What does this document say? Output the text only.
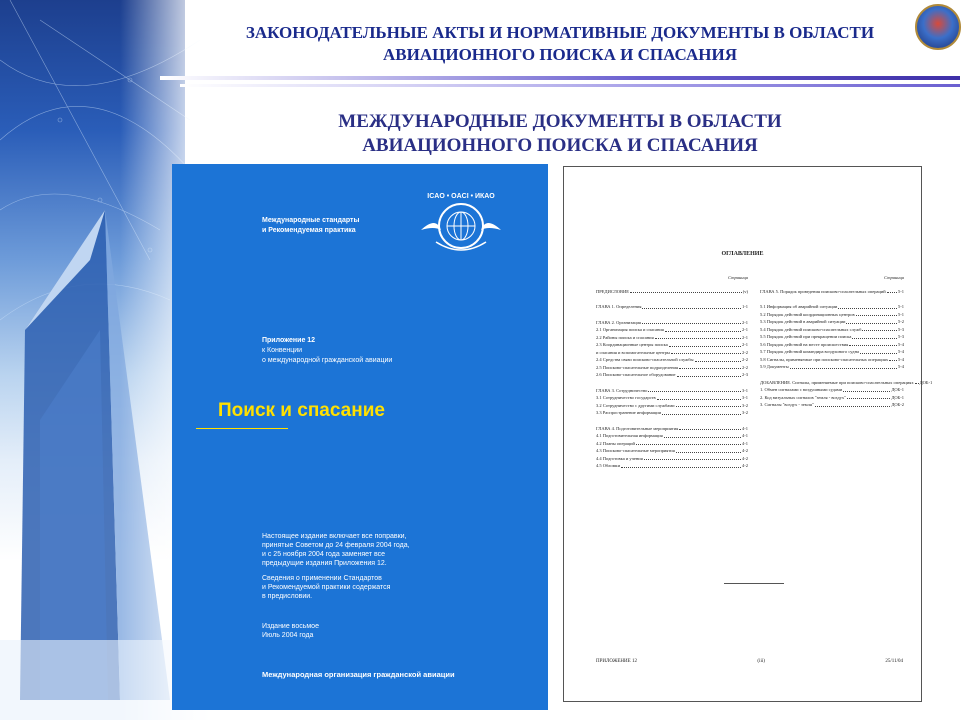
ЗАКОНОДАТЕЛЬНЫЕ АКТЫ И НОРМАТИВНЫЕ ДОКУМЕНТЫ В ОБЛАСТИ
АВИАЦИОННОГО ПОИСКА И СПАСАНИЯ
МЕЖДУНАРОДНЫЕ ДОКУМЕНТЫ В ОБЛАСТИ
АВИАЦИОННОГО ПОИСКА И СПАСАНИЯ
Международные стандарты
и Рекомендуемая практика
ICAO • OACI • ИКАО
Приложение 12
к Конвенции
о международной гражданской авиации
Поиск и спасание
Настоящее издание включает все поправки,
принятые Советом до 24 февраля 2004 года,
и с 25 ноября 2004 года заменяет все
предыдущие издания Приложения 12.
Сведения о применении Стандартов
и Рекомендуемой практики содержатся
в предисловии.
Издание восьмое
Июль 2004 года
Международная организация гражданской авиации
ОГЛАВЛЕНИЕ
Страница
ПРЕДИСЛОВИЕ	(v)
ГЛАВА 1. Определения	1-1
ГЛАВА 2. Организация	2-1
2.1 Организация поиска и спасания	2-1
2.2 Районы поиска и спасания	2-1
2.3 Координационные центры поиска	2-1
и спасания и вспомогательные центры	2-2
2.4 Средства связи поисково-спасательной службы	2-2
2.5 Поисково-спасательные подразделения	2-2
2.6 Поисково-спасательное оборудование	2-3
ГЛАВА 3. Сотрудничество	3-1
3.1 Сотрудничество государств	3-1
3.2 Сотрудничество с другими службами	3-2
3.3 Распространение информации	3-2
ГЛАВА 4. Подготовительные мероприятия	4-1
4.1 Подготовительная информация	4-1
4.2 Планы операций	4-1
4.3 Поисково-спасательные мероприятия	4-2
4.4 Подготовка и учения	4-2
4.5 Обломки	4-2
Страница
ГЛАВА 5. Порядок проведения поисково-спасательных операций	5-1
5.1 Информация об аварийной ситуации	5-1
5.2 Порядок действий координационных центров	5-1
5.3 Порядок действий в аварийной ситуации	5-2
5.4 Порядок действий поисково-спасательных служб	5-3
5.5 Порядок действий при прекращении поиска	5-3
5.6 Порядок действий на месте происшествия	5-4
5.7 Порядок действий командира воздушного судна	5-4
5.8 Сигналы, применяемые при поисково-спасательных операциях 5-4
5.9 Документы	5-4
ДОБАВЛЕНИЕ. Сигналы, применяемые при поисково-спасательных операциях ДОБ-1
1. Обмен сигналами с воздушными судами	ДОБ-1
2. Код визуальных сигналов "земля - воздух"	ДОБ-1
3. Сигналы "воздух - земля"	ДОБ-2
ПРИЛОЖЕНИЕ 12	(iii)	25/11/04
